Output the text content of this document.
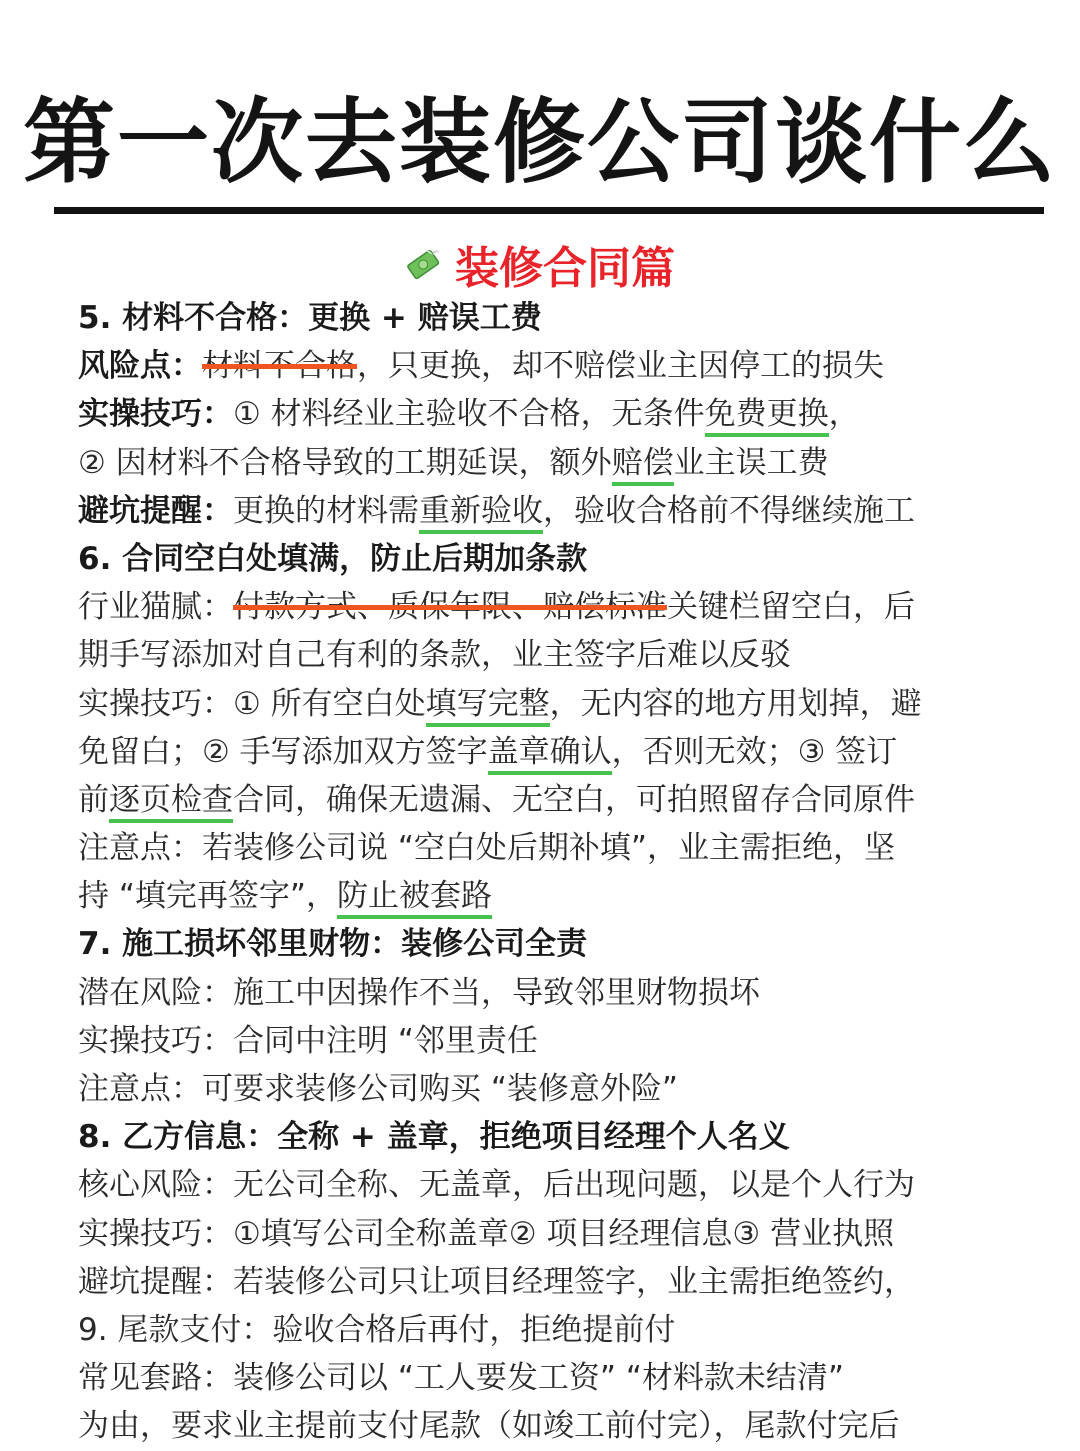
第一次去装修公司谈什么
装修合同篇
5. 材料不合格：更换 + 赔误工费
风险点：材料不合格，只更换，却不赔偿业主因停工的损失
实操技巧：① 材料经业主验收不合格，无条件免费更换，
② 因材料不合格导致的工期延误，额外赔偿业主误工费
避坑提醒：更换的材料需重新验收，验收合格前不得继续施工
6. 合同空白处填满，防止后期加条款
行业猫腻：付款方式、质保年限、赔偿标准关键栏留空白，后
期手写添加对自己有利的条款，业主签字后难以反驳
实操技巧：① 所有空白处填写完整，无内容的地方用划掉，避
免留白；② 手写添加双方签字盖章确认，否则无效；③ 签订
前逐页检查合同，确保无遗漏、无空白，可拍照留存合同原件
注意点：若装修公司说 “空白处后期补填”，业主需拒绝，坚
持 “填完再签字”，防止被套路
7. 施工损坏邻里财物：装修公司全责
潜在风险：施工中因操作不当，导致邻里财物损坏
实操技巧：合同中注明 “邻里责任
注意点：可要求装修公司购买 “装修意外险”
8. 乙方信息：全称 + 盖章，拒绝项目经理个人名义
核心风险：无公司全称、无盖章，后出现问题，以是个人行为
实操技巧：①填写公司全称盖章② 项目经理信息③ 营业执照
避坑提醒：若装修公司只让项目经理签字，业主需拒绝签约，
9. 尾款支付：验收合格后再付，拒绝提前付
常见套路：装修公司以 “工人要发工资” “材料款未结清”
为由，要求业主提前支付尾款（如竣工前付完），尾款付完后
